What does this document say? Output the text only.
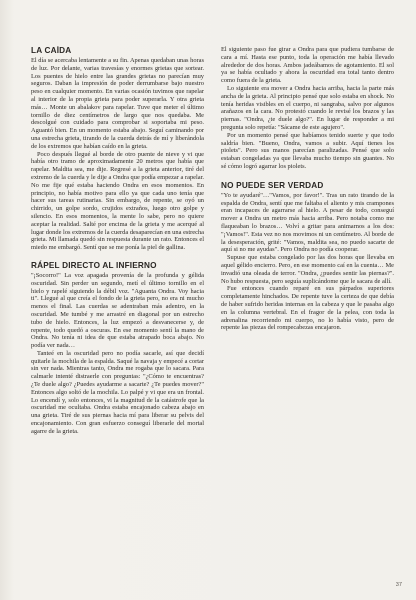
LA CAÍDA

El día se acercaba lentamente a su fin. Apenas quedaban unas horas de luz. Por delante, varias travesías y enormes grietas que sortear. Los puentes de hielo entre las grandes grietas no parecían muy seguros. Daban la impresión de poder derrumbarse bajo nuestro peso en cualquier momento. En varias ocasión tuvimos que rapelar al interior de la propia grieta para poder superarla. Y otra grieta más… Monte un abalakov para rapelar. Tuve que meter el último tornillo de diez centímetros de largo que nos quedaba. Me descolgué con cuidado para comprobar si soportaba mi peso. Aguantó bien. En un momento estaba abajo. Seguí caminando por una estrecha grieta, tirando de la cuerda detrás de mí y liberándola de los extremos que habían caído en la grieta.

Poco después llegué al borde de otro puente de nieve y vi que había otro tramo de aproximadamente 20 metros que había que rapelar. Maldita sea, me dije. Regresé a la grieta anterior, tiré del extremo de la cuerda y le dije a Ondra que podía empezar a rapelar. No me fije qué estaba haciendo Ondra en esos momentos. En principio, no había motivo para ello ya que cada uno tenía que hacer sus tareas rutinarias. Sin embargo, de repente, se oyó un chirrido, un golpe sordo, crujidos extraños, luego otro golpe y silencio. En esos momentos, la mente lo sabe, pero no quiere aceptar la realidad. Salté por encima de la grieta y me acerqué al lugar donde los extremos de la cuerda desaparecían en una estrecha grieta. Mi llamada quedó sin respuesta durante un rato. Entonces el miedo me embargó. Sentí que se me ponía la piel de gallina.

RÁPEL DIRECTO AL INFIERNO

"¡Socorro!" La voz apagada provenía de la profunda y gélida oscuridad. Sin perder un segundo, metí el último tornillo en el hielo y rapelé siguiendo la débil voz. "Aguanta Ondra. Voy hacia ti". Llegué al que creía el fondo de la grieta pero, no era ni mucho menos el final. Las cuerdas se adentraban más adentro, en la oscuridad. Me tumbé y me arrastré en diagonal por un estrecho tubo de hielo. Entonces, la luz empezó a desvanecerse y, de repente, todo quedó a oscuras. En ese momento sentí la mano de Ondra. No tenía ni idea de que estaba atrapado boca abajo. No podía ver nada…

Tanteé en la oscuridad pero no podía sacarle, así que decidí quitarle la mochila de la espalda. Saqué la navaja y empecé a cortar sin ver nada. Mientras tanto, Ondra me rogaba que lo sacara. Para calmarle intenté distraerle con preguntas: "¿Cómo te encuentras? ¿Te duele algo? ¿Puedes ayudarme a sacarte? ¿Te puedes mover?" Entonces algo soltó de la mochila. Lo palpé y vi que era un frontal. Lo encendí y, solo entonces, vi la magnitud de la catástrofe que la oscuridad me ocultaba. Ondra estaba encajonado cabeza abajo en una grieta. Tiré de sus piernas hacia mí para liberar su pelvis del encajonamiento. Con gran esfuerzo conseguí liberarle del mortal agarre de la grieta.

El siguiente paso fue girar a Ondra para que pudiera tumbarse de cara a mí. Hasta ese punto, toda la operación me había llevado alrededor de dos horas. Ambos jadeábamos de agotamiento. El sol ya se había ocultado y ahora la oscuridad era total tanto dentro como fuera de la grieta.

Lo siguiente era mover a Ondra hacia arriba, hacia la parte más ancha de la grieta. Al principio pensé que solo estaba en shock. No tenía heridas visibles en el cuerpo, ni sangraba, salvo por algunos arañazos en la cara. No protestó cuando le revisé los brazos y las piernas. "Ondra, ¿te duele algo?". En lugar de responder a mi pregunta solo repetía: "Sácame de este agujero".

Por un momento pensé que habíamos tenido suerte y que todo saldría bien. "Bueno, Ondra, vamos a subir. Aquí tienes los piolets". Pero sus manos parecían paralizadas. Pensé que solo estaban congeladas ya que llevaba mucho tiempo sin guantes. No sé cómo logró agarrar los piolets.

NO PUEDE SER VERDAD

"Yo te ayudaré"…"Vamos, por favor!". Tras un rato tirando de la espalda de Ondra, sentí que me faltaba el aliento y mis crampones eran incapaces de agarrarse al hielo. A pesar de todo, conseguí mover a Ondra un metro más hacia arriba. Pero notaba como me flaqueaban lo brazos… Volví a gritar para animarnos a los dos: "¡Vamos!". Esta vez no nos movimos ni un centímetro. Al borde de la desesperación, grité: "Vamos, maldita sea, no puedo sacarte de aquí si no me ayudas". Pero Ondra no podía cooperar.

Supuse que estaba congelado por las dos horas que llevaba en aquel gélido encierro. Pero, en ese momento caí en la cuenta… Me invadió una oleada de terror. "Ondra, ¿puedes sentir las piernas?". No hubo respuesta, pero seguía suplicándome que le sacara de allí.

Fue entonces cuando reparé en sus párpados superiores completamente hinchados. De repente tuve la certeza de que debía de haber sufrido heridas internas en la cabeza y que le pasaba algo en la columna vertebral. En el fragor de la pelea, con toda la adrenalina recorriendo mi cuerpo, no lo había visto, pero de repente las piezas del rompecabezas encajaron.

37
